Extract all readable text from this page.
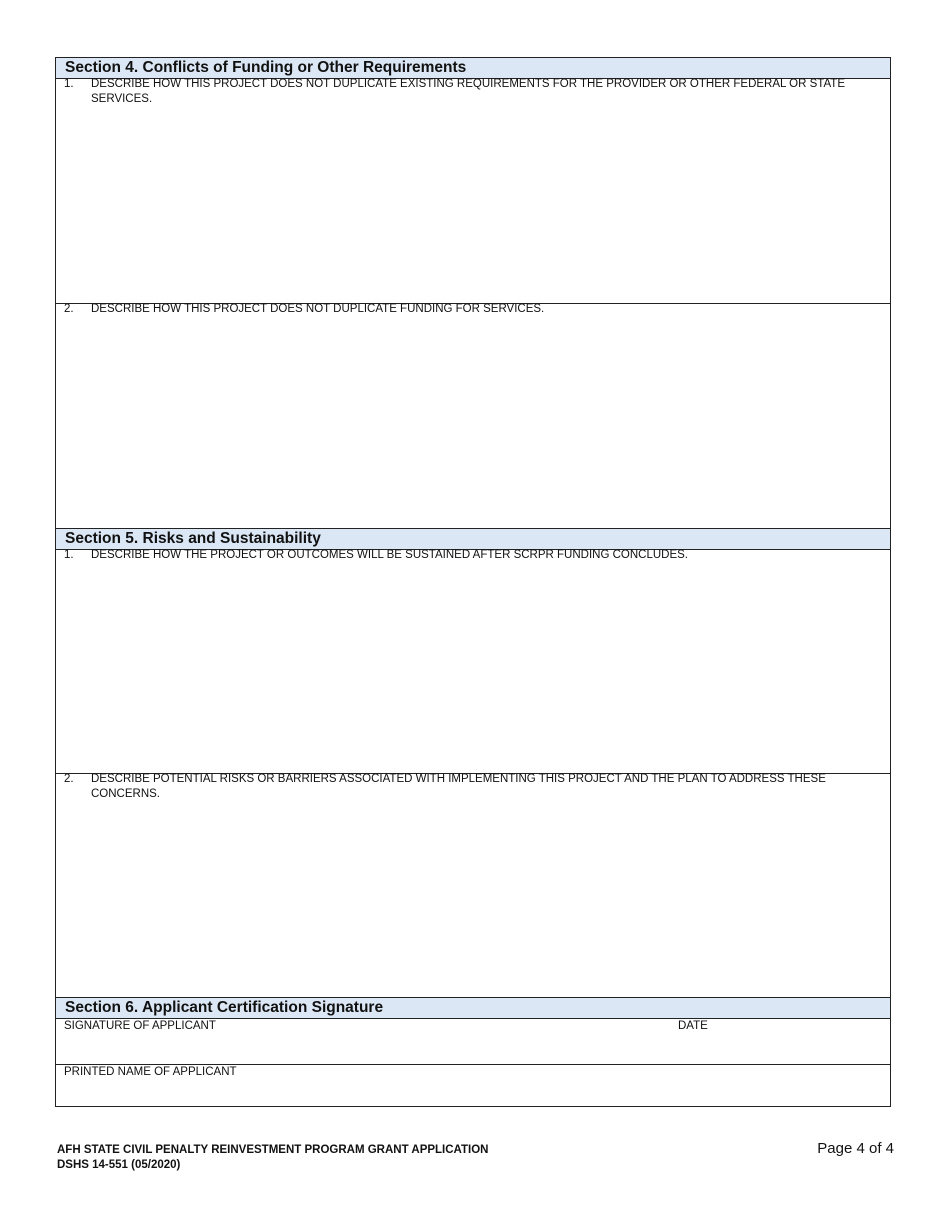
Section 4. Conflicts of Funding or Other Requirements
1.	DESCRIBE HOW THIS PROJECT DOES NOT DUPLICATE EXISTING REQUIREMENTS FOR THE PROVIDER OR OTHER FEDERAL OR STATE SERVICES.
2.	DESCRIBE HOW THIS PROJECT DOES NOT DUPLICATE FUNDING FOR SERVICES.
Section 5. Risks and Sustainability
1.	DESCRIBE HOW THE PROJECT OR OUTCOMES WILL BE SUSTAINED AFTER SCRPR FUNDING CONCLUDES.
2.	DESCRIBE POTENTIAL RISKS OR BARRIERS ASSOCIATED WITH IMPLEMENTING THIS PROJECT AND THE PLAN TO ADDRESS THESE CONCERNS.
Section 6. Applicant Certification Signature
SIGNATURE OF APPLICANT	DATE
PRINTED NAME OF APPLICANT
AFH STATE CIVIL PENALTY REINVESTMENT PROGRAM GRANT APPLICATION
DSHS 14-551 (05/2020)
Page 4 of 4
